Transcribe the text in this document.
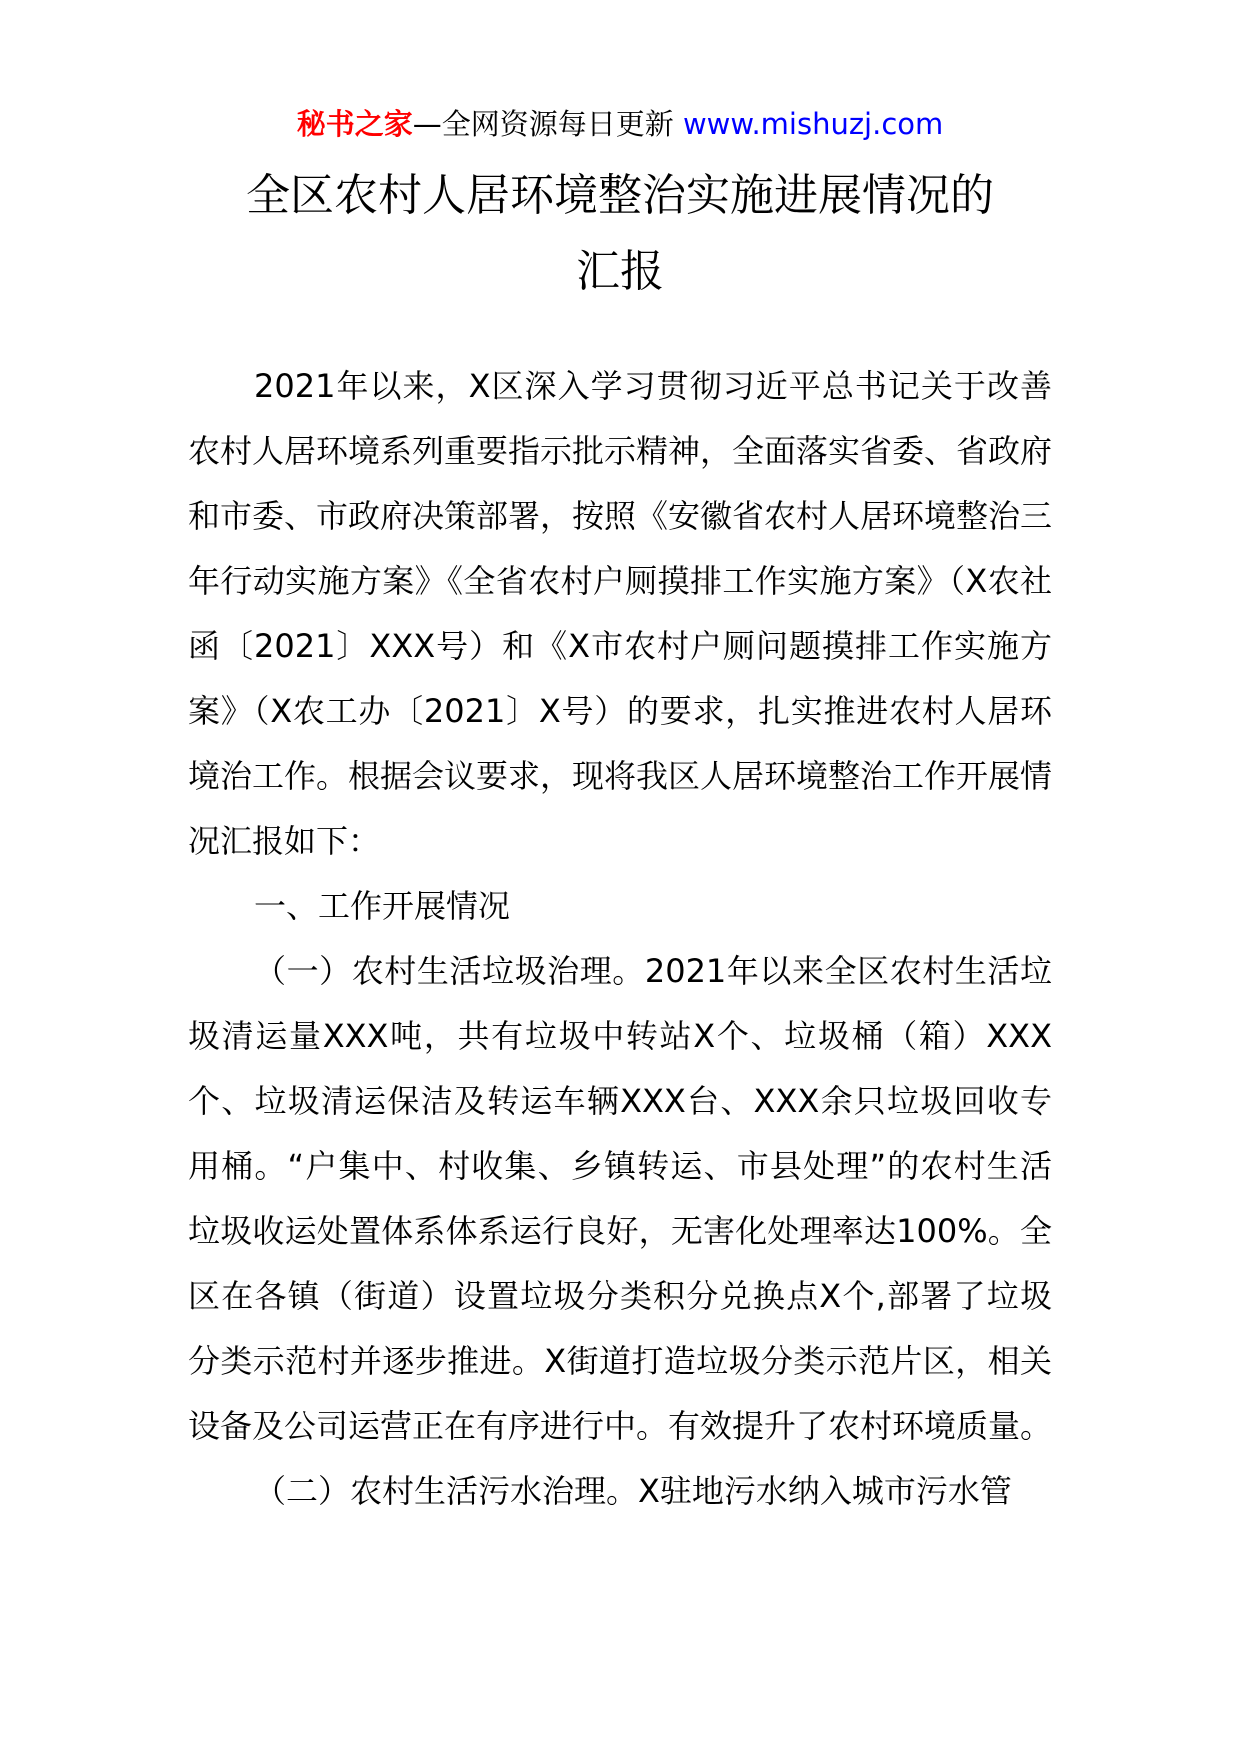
秘书之家—全网资源每日更新 www.mishuzj.com
全区农村人居环境整治实施进展情况的
汇报

2021年以来，X区深入学习贯彻习近平总书记关于改善农村人居环境系列重要指示批示精神，全面落实省委、省政府和市委、市政府决策部署，按照《安徽省农村人居环境整治三年行动实施方案》《全省农村户厕摸排工作实施方案》（X农社函〔2021〕XXX号）和《X市农村户厕问题摸排工作实施方案》（X农工办〔2021〕X号）的要求，扎实推进农村人居环境治工作。根据会议要求，现将我区人居环境整治工作开展情况汇报如下：

一、工作开展情况

（一）农村生活垃圾治理。2021年以来全区农村生活垃圾清运量XXX吨，共有垃圾中转站X个、垃圾桶（箱）XXX个、垃圾清运保洁及转运车辆XXX台、XXX余只垃圾回收专用桶。“户集中、村收集、乡镇转运、市县处理”的农村生活垃圾收运处置体系体系运行良好，无害化处理率达100%。全区在各镇（街道）设置垃圾分类积分兑换点X个,部署了垃圾分类示范村并逐步推进。X街道打造垃圾分类示范片区，相关设备及公司运营正在有序进行中。有效提升了农村环境质量。

（二）农村生活污水治理。X驻地污水纳入城市污水管
